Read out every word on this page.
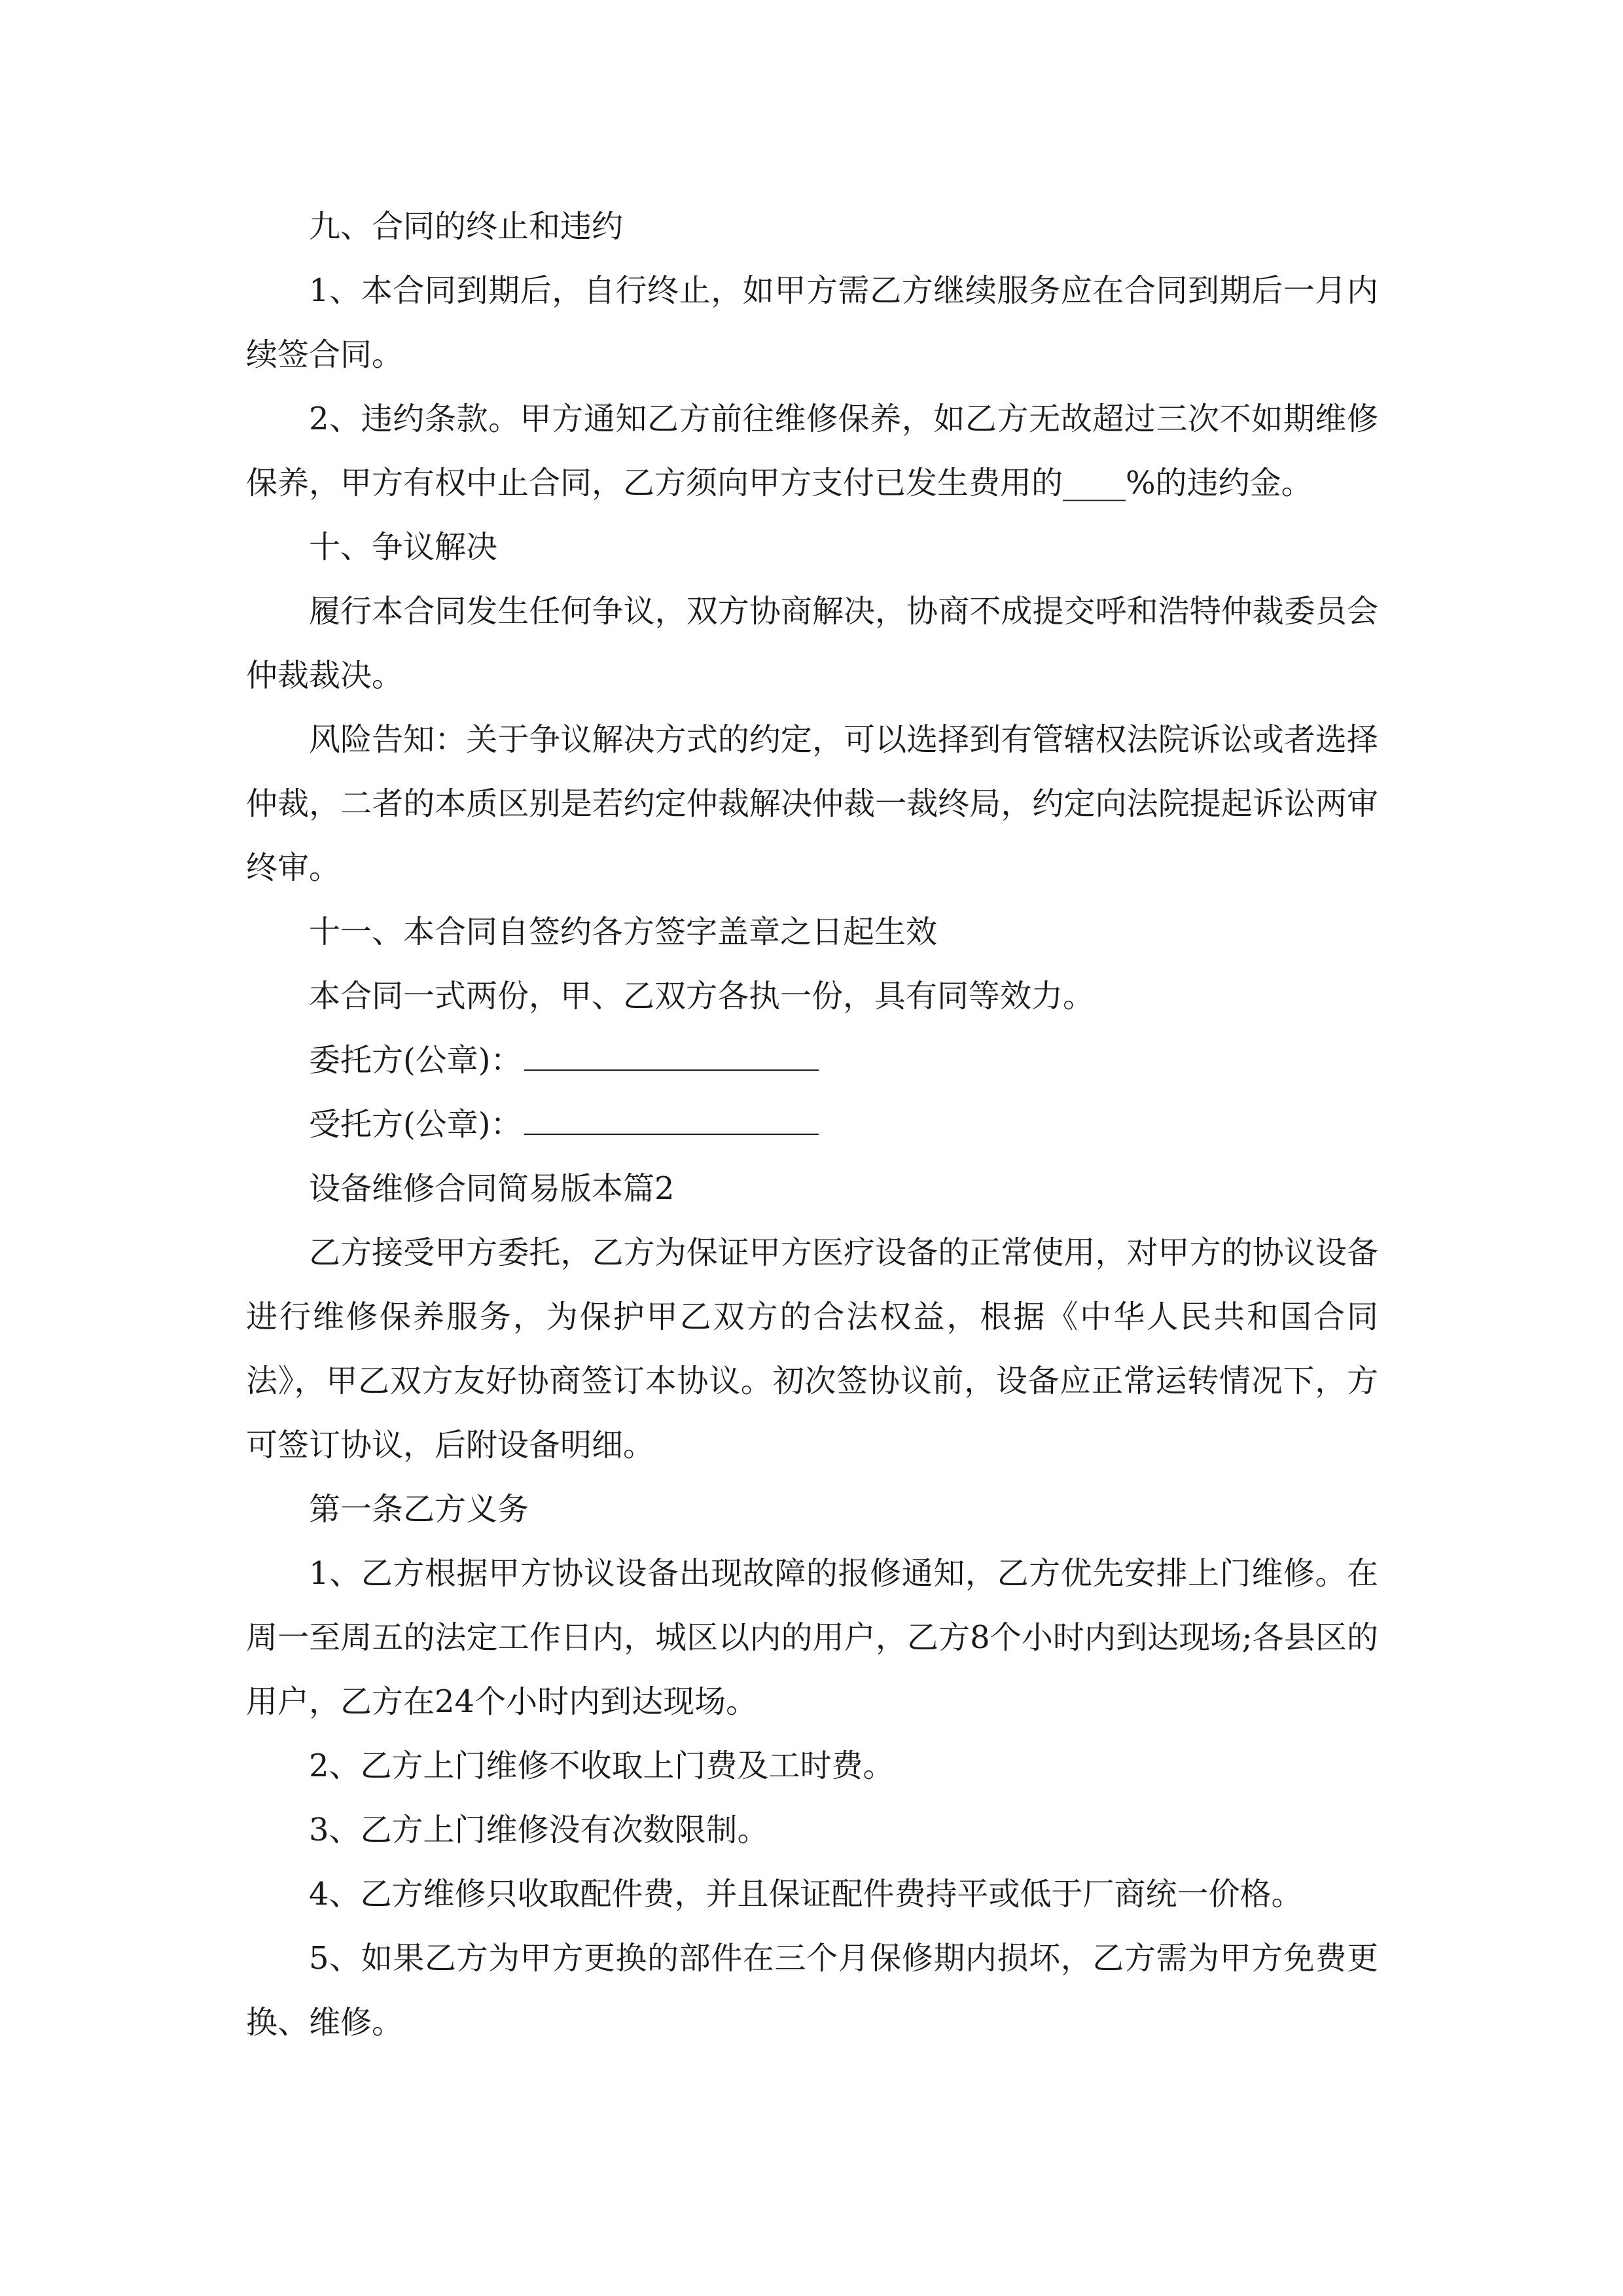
九、合同的终止和违约

1、本合同到期后，自行终止，如甲方需乙方继续服务应在合同到期后一月内续签合同。

2、违约条款。甲方通知乙方前往维修保养，如乙方无故超过三次不如期维修保养，甲方有权中止合同，乙方须向甲方支付已发生费用的____%的违约金。

十、争议解决

履行本合同发生任何争议，双方协商解决，协商不成提交呼和浩特仲裁委员会仲裁裁决。

风险告知：关于争议解决方式的约定，可以选择到有管辖权法院诉讼或者选择仲裁，二者的本质区别是若约定仲裁解决仲裁一裁终局，约定向法院提起诉讼两审终审。

十一、本合同自签约各方签字盖章之日起生效

本合同一式两份，甲、乙双方各执一份，具有同等效力。

委托方(公章)：

受托方(公章)：

设备维修合同简易版本篇2

乙方接受甲方委托，乙方为保证甲方医疗设备的正常使用，对甲方的协议设备进行维修保养服务，为保护甲乙双方的合法权益，根据《中华人民共和国合同法》，甲乙双方友好协商签订本协议。初次签协议前，设备应正常运转情况下，方可签订协议，后附设备明细。

第一条乙方义务

1、乙方根据甲方协议设备出现故障的报修通知，乙方优先安排上门维修。在周一至周五的法定工作日内，城区以内的用户，乙方8个小时内到达现场;各县区的用户，乙方在24个小时内到达现场。

2、乙方上门维修不收取上门费及工时费。

3、乙方上门维修没有次数限制。

4、乙方维修只收取配件费，并且保证配件费持平或低于厂商统一价格。

5、如果乙方为甲方更换的部件在三个月保修期内损坏，乙方需为甲方免费更换、维修。
